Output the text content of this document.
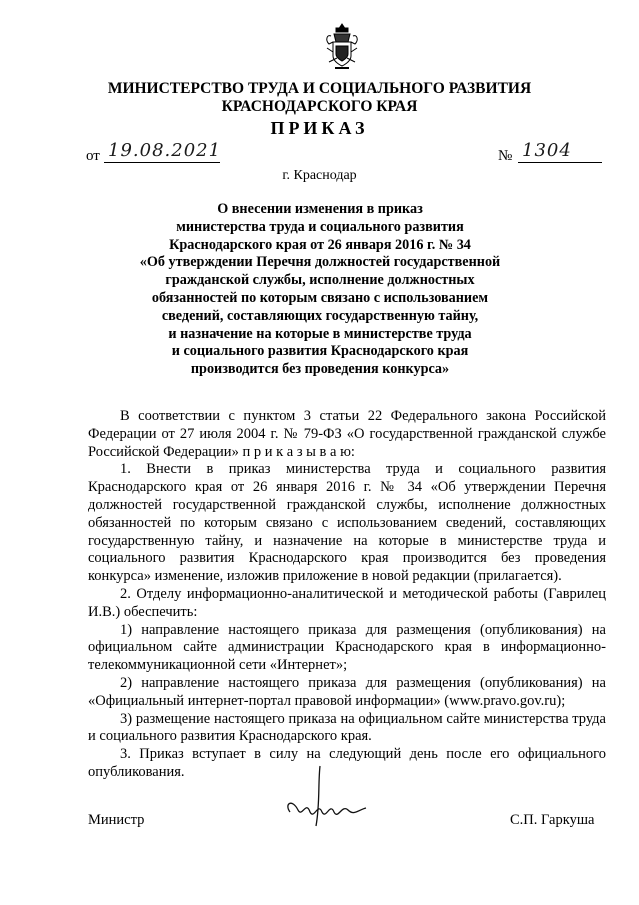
МИНИСТЕРСТВО ТРУДА И СОЦИАЛЬНОГО РАЗВИТИЯ
КРАСНОДАРСКОГО КРАЯ
ПРИКАЗ
от 19.08.2021	№ 1304
г. Краснодар
О внесении изменения в приказ
министерства труда и социального развития
Краснодарского края от 26 января 2016 г. № 34
«Об утверждении Перечня должностей государственной
гражданской службы, исполнение должностных
обязанностей по которым связано с использованием
сведений, составляющих государственную тайну,
и назначение на которые в министерстве труда
и социального развития Краснодарского края
производится без проведения конкурса»

В соответствии с пунктом 3 статьи 22 Федерального закона Российской Федерации от 27 июля 2004 г. № 79-ФЗ «О государственной гражданской службе Российской Федерации» п р и к а з ы в а ю:

1. Внести в приказ министерства труда и социального развития Краснодарского края от 26 января 2016 г. № 34 «Об утверждении Перечня должностей государственной гражданской службы, исполнение должностных обязанностей по которым связано с использованием сведений, составляющих государственную тайну, и назначение на которые в министерстве труда и социального развития Краснодарского края производится без проведения конкурса» изменение, изложив приложение в новой редакции (прилагается).

2. Отделу информационно-аналитической и методической работы (Гаврилец И.В.) обеспечить:

1) направление настоящего приказа для размещения (опубликования) на официальном сайте администрации Краснодарского края в информационно-телекоммуникационной сети «Интернет»;

2) направление настоящего приказа для размещения (опубликования) на «Официальный интернет-портал правовой информации» (www.pravo.gov.ru);

3) размещение настоящего приказа на официальном сайте министерства труда и социального развития Краснодарского края.

3. Приказ вступает в силу на следующий день после его официального опубликования.

Министр	С.П. Гаркуша
